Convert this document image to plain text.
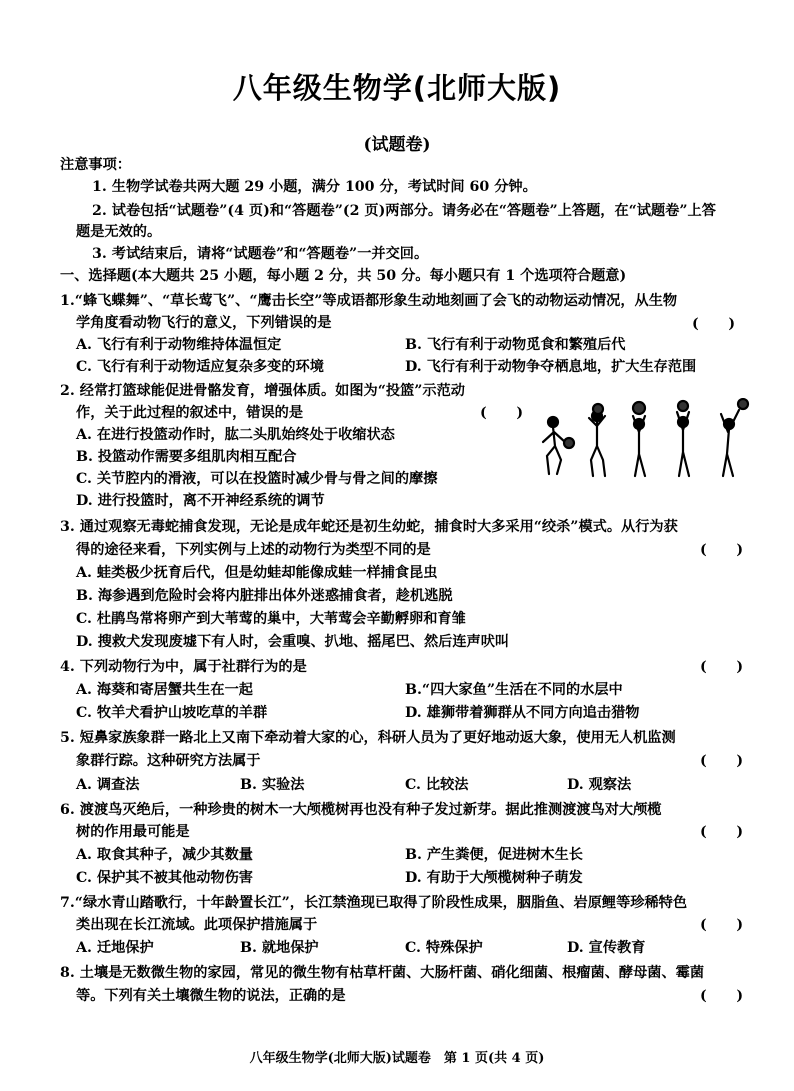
八年级生物学(北师大版)
(试题卷)
注意事项：
1. 生物学试卷共两大题 29 小题，满分 100 分，考试时间 60 分钟。
2. 试卷包括“试题卷”(4 页)和“答题卷”(2 页)两部分。请务必在“答题卷”上答题，在“试题卷”上答
题是无效的。
3. 考试结束后，请将“试题卷”和“答题卷”一并交回。
一、选择题(本大题共 25 小题，每小题 2 分，共 50 分。每小题只有 1 个选项符合题意)
1.“蜂飞蝶舞”、“草长莺飞”、“鹰击长空”等成语都形象生动地刻画了会飞的动物运动情况，从生物
学角度看动物飞行的意义，下列错误的是	(      )
A. 飞行有利于动物维持体温恒定	B. 飞行有利于动物觅食和繁殖后代
C. 飞行有利于动物适应复杂多变的环境	D. 飞行有利于动物争夺栖息地，扩大生存范围
2. 经常打篮球能促进骨骼发育，增强体质。如图为“投篮”示范动
作，关于此过程的叙述中，错误的是	(      )
A. 在进行投篮动作时，肱二头肌始终处于收缩状态
B. 投篮动作需要多组肌肉相互配合
C. 关节腔内的滑液，可以在投篮时减少骨与骨之间的摩擦
D. 进行投篮时，离不开神经系统的调节
3. 通过观察无毒蛇捕食发现，无论是成年蛇还是初生幼蛇，捕食时大多采用“绞杀”模式。从行为获
得的途径来看，下列实例与上述的动物行为类型不同的是	(      )
A. 蛙类极少抚育后代，但是幼蛙却能像成蛙一样捕食昆虫
B. 海参遇到危险时会将内脏排出体外迷惑捕食者，趁机逃脱
C. 杜鹃鸟常将卵产到大苇莺的巢中，大苇莺会辛勤孵卵和育雏
D. 搜救犬发现废墟下有人时，会重嗅、扒地、摇尾巴、然后连声吠叫
4. 下列动物行为中，属于社群行为的是	(      )
A. 海葵和寄居蟹共生在一起	B.“四大家鱼”生活在不同的水层中
C. 牧羊犬看护山坡吃草的羊群	D. 雄狮带着狮群从不同方向追击猎物
5. 短鼻家族象群一路北上又南下牵动着大家的心，科研人员为了更好地动返大象，使用无人机监测
象群行踪。这种研究方法属于	(      )
A. 调查法	B. 实验法	C. 比较法	D. 观察法
6. 渡渡鸟灭绝后，一种珍贵的树木一大颅榄树再也没有种子发过新芽。据此推测渡渡鸟对大颅榄
树的作用最可能是	(      )
A. 取食其种子，减少其数量	B. 产生粪便，促进树木生长
C. 保护其不被其他动物伤害	D. 有助于大颅榄树种子萌发
7.“绿水青山踏歌行，十年龄置长江”，长江禁渔现已取得了阶段性成果，胭脂鱼、岩原鲤等珍稀特色
类出现在长江流域。此项保护措施属于	(      )
A. 迁地保护	B. 就地保护	C. 特殊保护	D. 宣传教育
8. 土壤是无数微生物的家园，常见的微生物有枯草杆菌、大肠杆菌、硝化细菌、根瘤菌、酵母菌、霉菌
等。下列有关土壤微生物的说法，正确的是	(      )
八年级生物学(北师大版)试题卷　第 1 页(共 4 页)
